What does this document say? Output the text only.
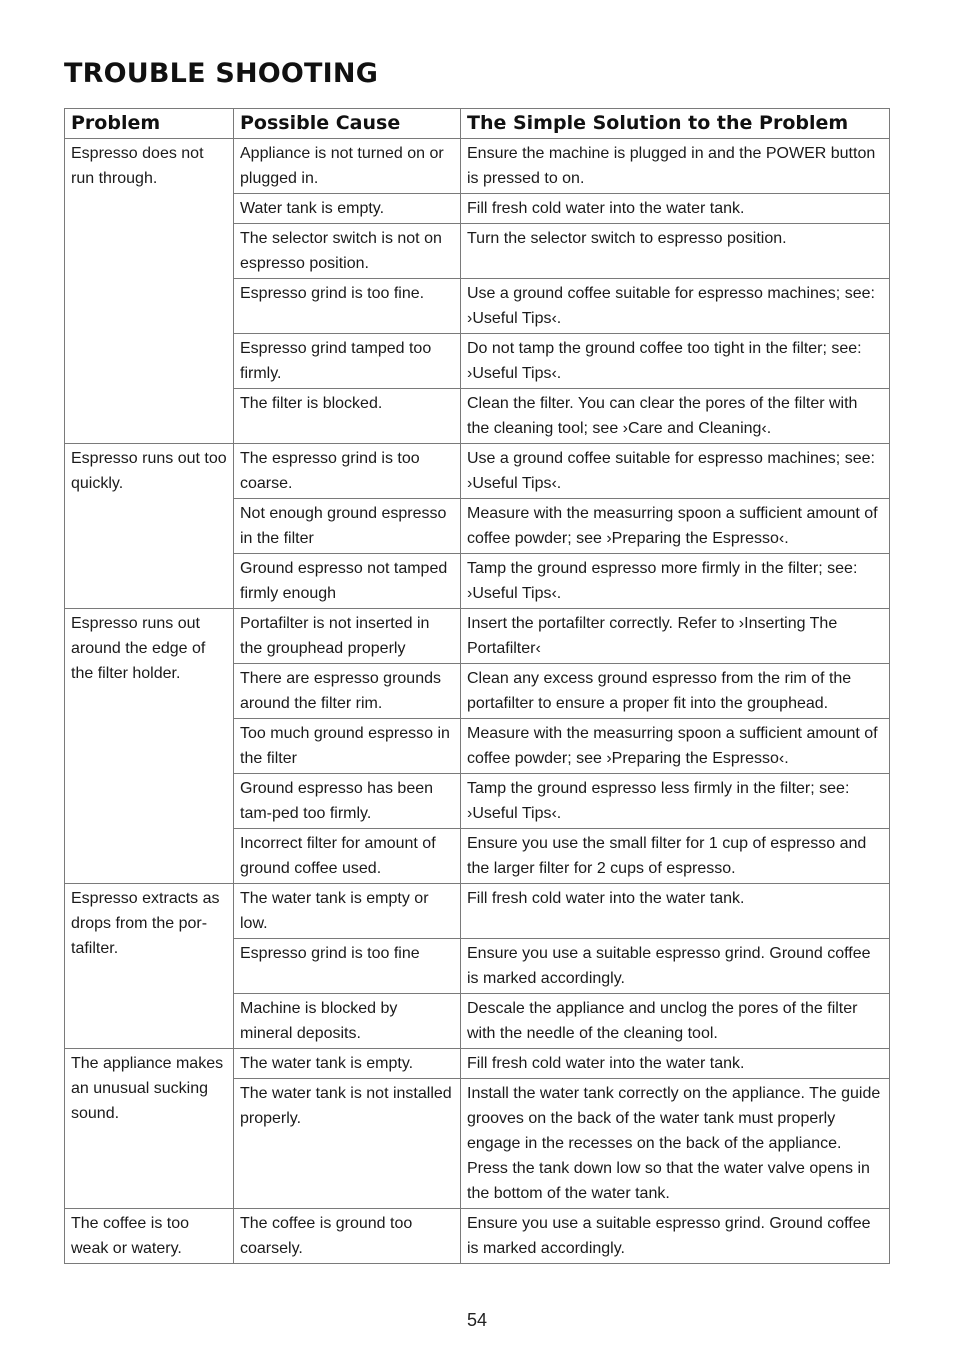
TROUBLE SHOOTING
Problem	Possible Cause	The Simple Solution to the Problem

Espresso does not run through.	Appliance is not turned on or plugged in.	Ensure the machine is plugged in and the POWER button is pressed to on.

	Water tank is empty.	Fill fresh cold water into the water tank.

	The selector switch is not on espresso position.	Turn the selector switch to espresso position.

	Espresso grind is too fine.	Use a ground coffee suitable for espresso machines; see: ›Useful Tips‹.

	Espresso grind tamped too firmly.	Do not tamp the ground coffee too tight in the filter; see: ›Useful Tips‹.

	The filter is blocked.	Clean the filter. You can clear the pores of the filter with the cleaning tool; see ›Care and Cleaning‹.

Espresso runs out too quickly.	The espresso grind is too coarse.	Use a ground coffee suitable for espresso machines; see: ›Useful Tips‹.

	Not enough ground espresso in the filter	Measure with the measurring spoon a sufficient amount of coffee powder; see ›Preparing the Espresso‹.

	Ground espresso not tamped firmly enough	Tamp the ground espresso more firmly in the filter; see: ›Useful Tips‹.

Espresso runs out around the edge of the filter holder.	Portafilter is not inserted in the grouphead properly	Insert the portafilter correctly. Refer to ›Inserting The Portafilter‹

	There are espresso grounds around the filter rim.	Clean any excess ground espresso from the rim of the portafilter to ensure a proper fit into the grouphead.

	Too much ground espresso in the filter	Measure with the measurring spoon a sufficient amount of coffee powder; see ›Preparing the Espresso‹.

	Ground espresso has been tam-ped too firmly.	Tamp the ground espresso less firmly in the filter; see: ›Useful Tips‹.

	Incorrect filter for amount of ground coffee used.	Ensure you use the small filter for 1 cup of espresso and the larger filter for 2 cups of espresso.

Espresso extracts as drops from the por-tafilter.	The water tank is empty or low.	Fill fresh cold water into the water tank.

	Espresso grind is too fine	Ensure you use a suitable espresso grind. Ground coffee is marked accordingly.

	Machine is blocked by mineral deposits.	Descale the appliance and unclog the pores of the filter with the needle of the cleaning tool.

The appliance makes an unusual sucking sound.	The water tank is empty.	Fill fresh cold water into the water tank.

	The water tank is not installed properly.	Install the water tank correctly on the appliance. The guide grooves on the back of the water tank must properly engage in the recesses on the back of the appliance. Press the tank down low so that the water valve opens in the bottom of the water tank.

The coffee is too weak or watery.	The coffee is ground too coarsely.	Ensure you use a suitable espresso grind. Ground coffee is marked accordingly.
54
